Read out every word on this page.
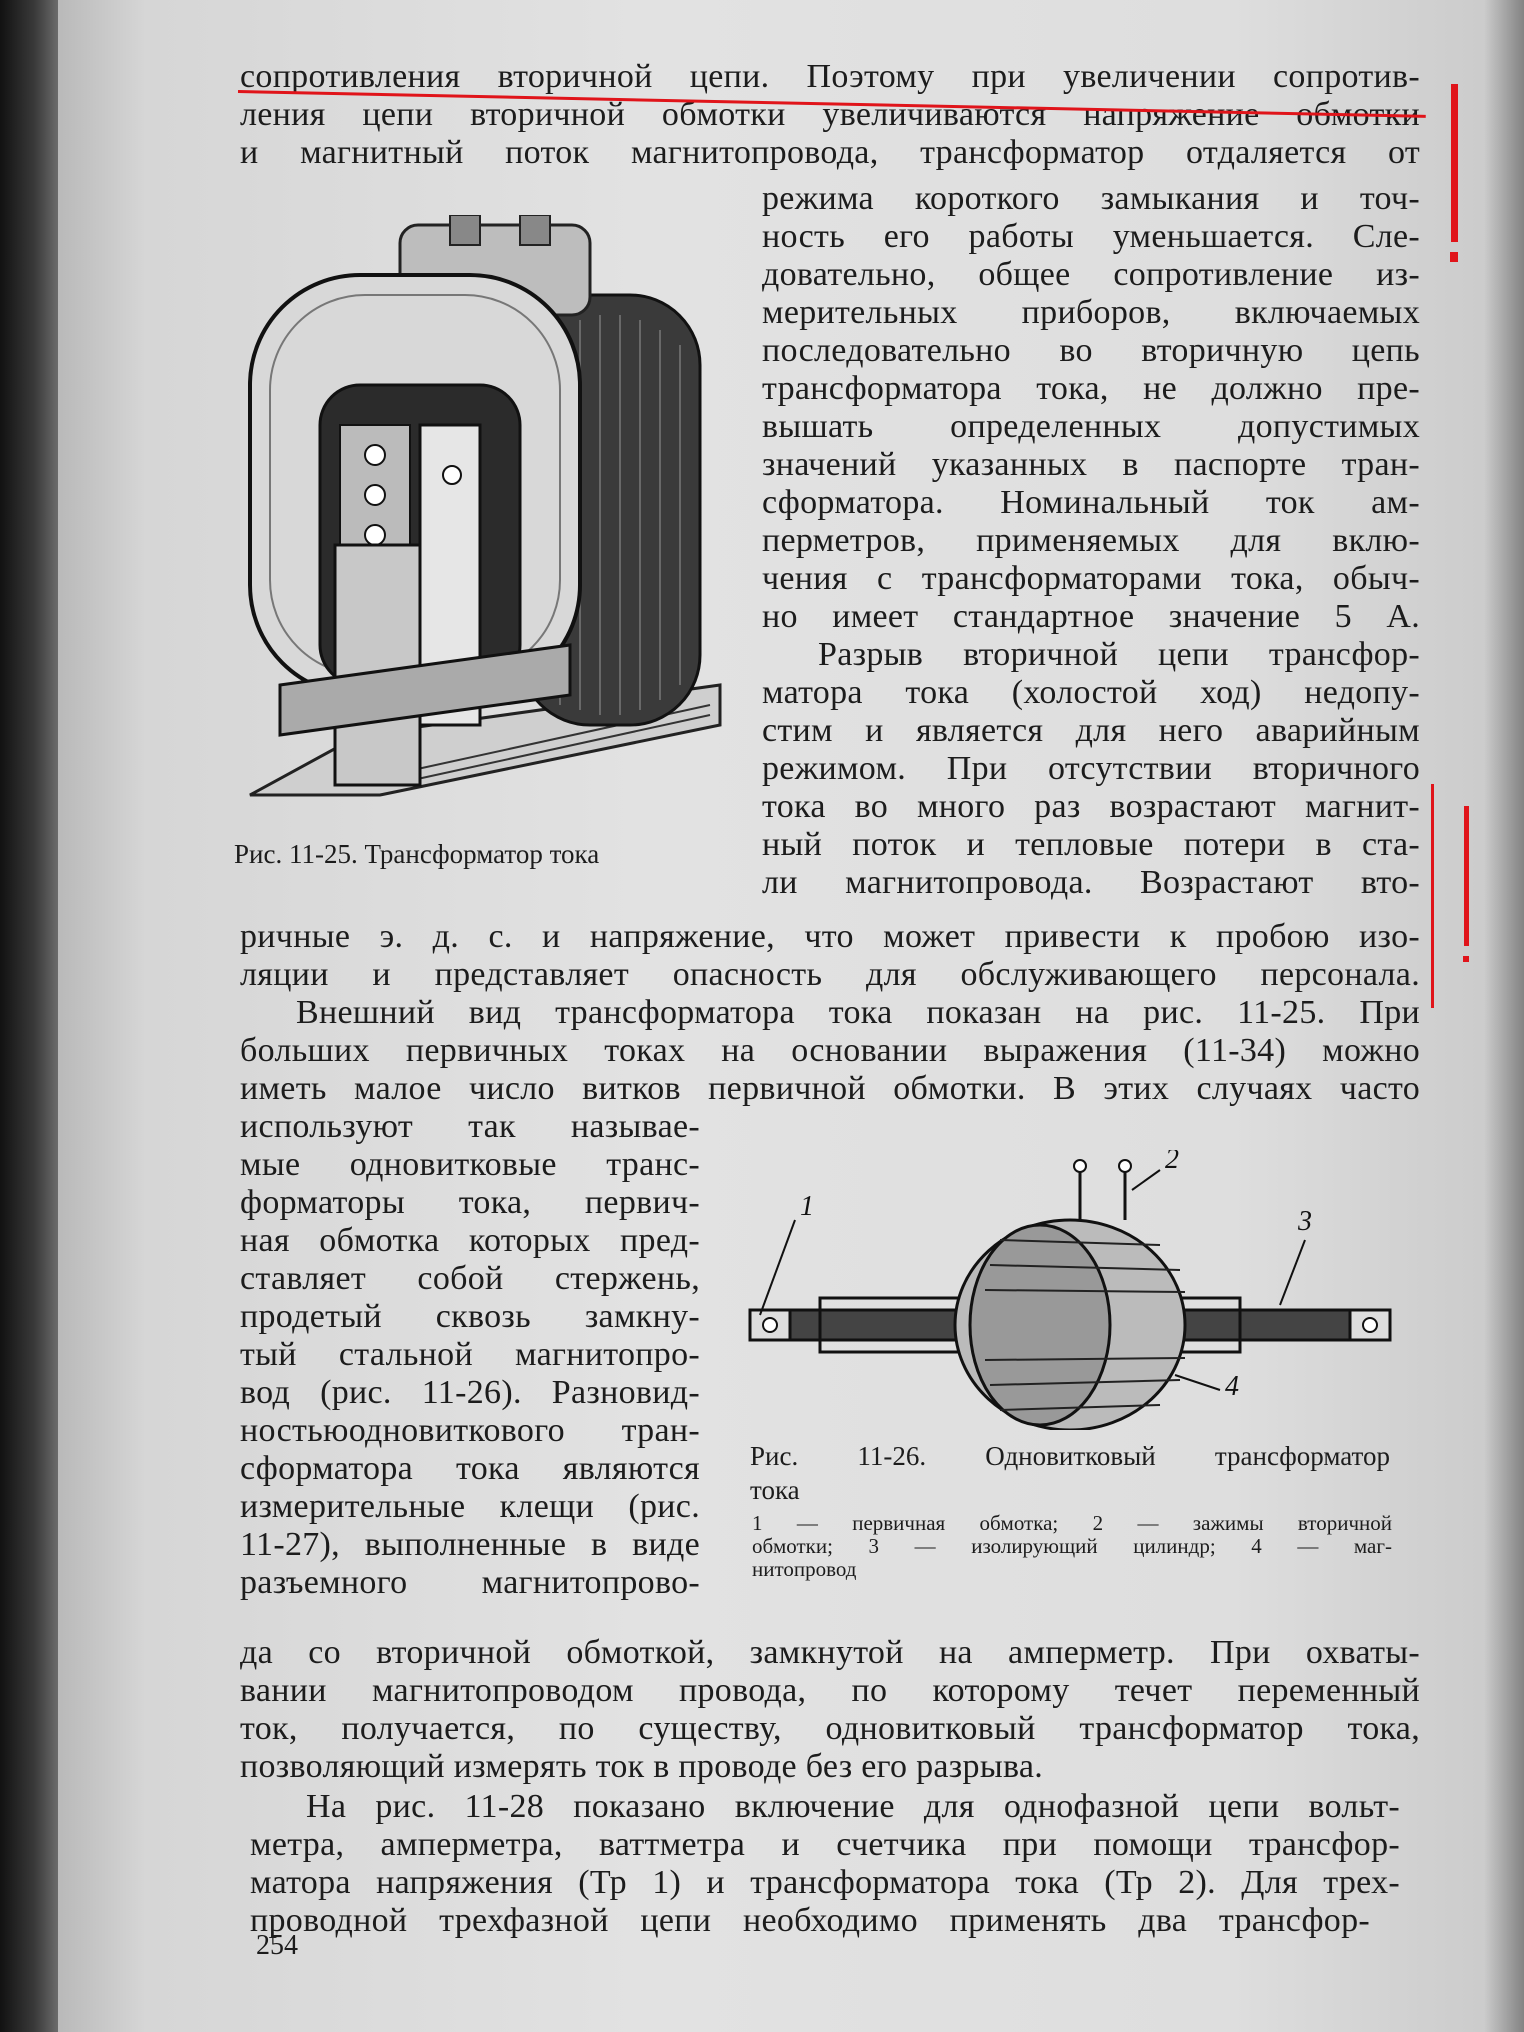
сопротивления вторичной цепи. Поэтому при увеличении сопротив-
ления цепи вторичной обмотки увеличиваются напряжение обмотки
и магнитный поток магнитопровода, трансформатор отдаляется от
Рис. 11-25. Трансформатор тока
режима короткого замыкания и точ-
ность его работы уменьшается. Сле-
довательно, общее сопротивление из-
мерительных приборов, включаемых
последовательно во вторичную цепь
трансформатора тока, не должно пре-
вышать определенных допустимых
значений указанных в паспорте тран-
сформатора. Номинальный ток ам-
перметров, применяемых для вклю-
чения с трансформаторами тока, обыч-
но имеет стандартное значение 5 А.
Разрыв вторичной цепи трансфор-
матора тока (холостой ход) недопу-
стим и является для него аварийным
режимом. При отсутствии вторичного
тока во много раз возрастают магнит-
ный поток и тепловые потери в ста-
ли магнитопровода. Возрастают вто-
ричные э. д. с. и напряжение, что может привести к пробою изо-
ляции и представляет опасность для обслуживающего персонала.
Внешний вид трансформатора тока показан на рис. 11-25. При
больших первичных токах на основании выражения (11-34) можно
иметь малое число витков первичной обмотки. В этих случаях часто
используют так называе-
мые одновитковые транс-
форматоры тока, первич-
ная обмотка которых пред-
ставляет собой стержень,
продетый сквозь замкну-
тый стальной магнитопро-
вод (рис. 11-26). Разновид-
ностьюодновиткового тран-
сформатора тока являются
измерительные клещи (рис.
11-27), выполненные в виде
разъемного магнитопрово-
1
2
3
4
Рис. 11-26. Одновитковый трансформатор
тока
1 — первичная обмотка; 2 — зажимы вторичной
обмотки; 3 — изолирующий цилиндр; 4 — маг-
нитопровод
да со вторичной обмоткой, замкнутой на амперметр. При охваты-
вании магнитопроводом провода, по которому течет переменный
ток, получается, по существу, одновитковый трансформатор тока,
позволяющий измерять ток в проводе без его разрыва.
На рис. 11-28 показано включение для однофазной цепи вольт-
метра, амперметра, ваттметра и счетчика при помощи трансфор-
матора напряжения (Тр 1) и трансформатора тока (Тр 2). Для трех-
проводной трехфазной цепи необходимо применять два трансфор-
254
